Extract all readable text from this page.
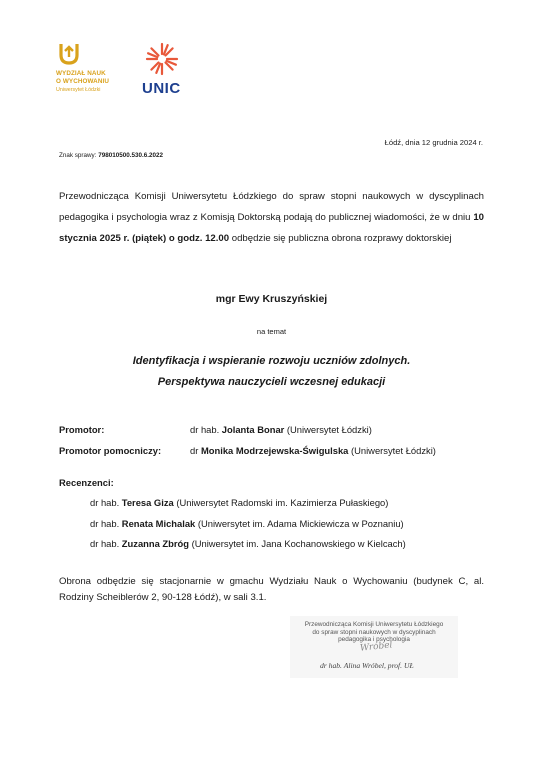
WYDZIAŁ NAUK
O WYCHOWANIU
Uniwersytet Łódzki	UNIC
Łódź, dnia 12 grudnia 2024 r.
Znak sprawy: 798010500.530.6.2022
Przewodnicząca Komisji Uniwersytetu Łódzkiego do spraw stopni naukowych w dyscyplinach pedagogika i psychologia wraz z Komisją Doktorską podają do publicznej wiadomości, że w dniu 10 stycznia 2025 r. (piątek) o godz. 12.00 odbędzie się publiczna obrona rozprawy doktorskiej
mgr Ewy Kruszyńskiej
na temat
Identyfikacja i wspieranie rozwoju uczniów zdolnych.
Perspektywa nauczycieli wczesnej edukacji
Promotor:	dr hab. Jolanta Bonar (Uniwersytet Łódzki)
Promotor pomocniczy:	dr Monika Modrzejewska-Świgulska (Uniwersytet Łódzki)
Recenzenci:
dr hab. Teresa Giza (Uniwersytet Radomski im. Kazimierza Pułaskiego)
dr hab. Renata Michalak (Uniwersytet im. Adama Mickiewicza w Poznaniu)
dr hab. Zuzanna Zbróg (Uniwersytet im. Jana Kochanowskiego w Kielcach)
Obrona odbędzie się stacjonarnie w gmachu Wydziału Nauk o Wychowaniu (budynek C, al. Rodziny Scheiblerów 2, 90-128 Łódź), w sali 3.1.
Przewodnicząca Komisji Uniwersytetu Łódzkiego
do spraw stopni naukowych w dyscyplinach
pedagogika i psychologia
Wróbel
dr hab. Alina Wróbel, prof. UŁ
